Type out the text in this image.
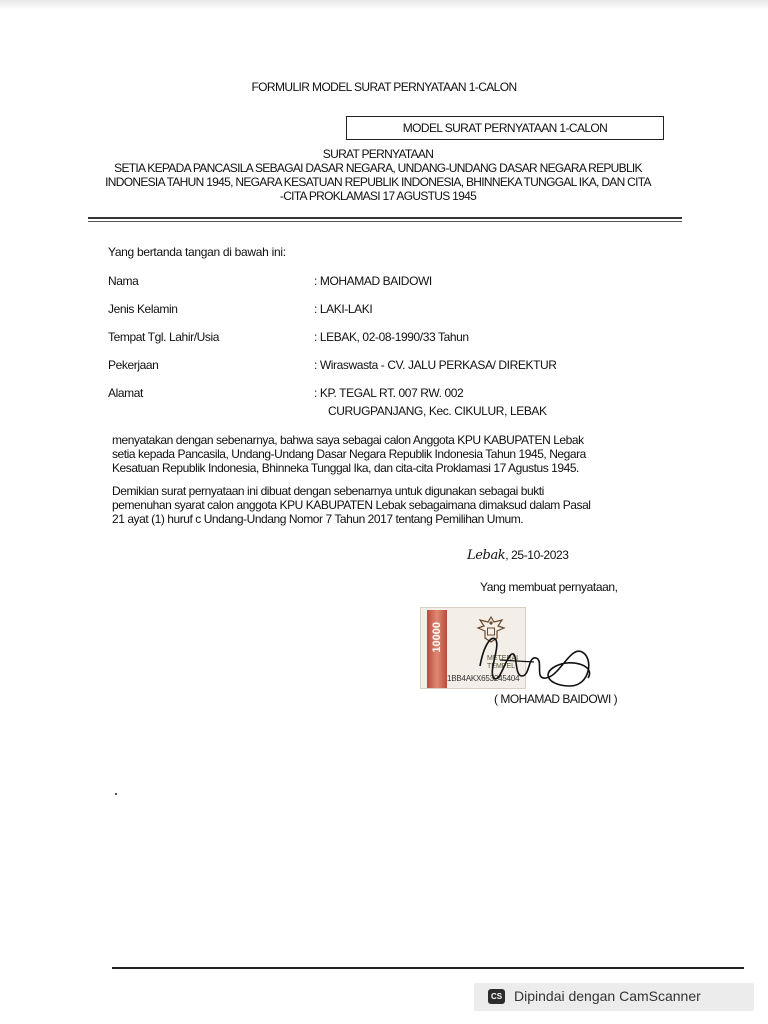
FORMULIR MODEL SURAT PERNYATAAN 1-CALON
MODEL SURAT PERNYATAAN 1-CALON
SURAT PERNYATAAN
SETIA KEPADA PANCASILA SEBAGAI DASAR NEGARA, UNDANG-UNDANG DASAR NEGARA REPUBLIK
INDONESIA TAHUN 1945, NEGARA KESATUAN REPUBLIK INDONESIA, BHINNEKA TUNGGAL IKA, DAN CITA
-CITA PROKLAMASI 17 AGUSTUS 1945
Yang bertanda tangan di bawah ini:
Nama	: MOHAMAD BAIDOWI
Jenis Kelamin	: LAKI-LAKI
Tempat Tgl. Lahir/Usia	: LEBAK, 02-08-1990/33 Tahun
Pekerjaan	: Wiraswasta - CV. JALU PERKASA/ DIREKTUR
Alamat	: KP. TEGAL RT. 007 RW. 002
CURUGPANJANG, Kec. CIKULUR, LEBAK
menyatakan dengan sebenarnya, bahwa saya sebagai calon Anggota KPU KABUPATEN Lebak
setia kepada Pancasila, Undang-Undang Dasar Negara Republik Indonesia Tahun 1945, Negara
Kesatuan Republik Indonesia, Bhinneka Tunggal Ika, dan cita-cita Proklamasi 17 Agustus 1945.
Demikian surat pernyataan ini dibuat dengan sebenarnya untuk digunakan sebagai bukti
pemenuhan syarat calon anggota KPU KABUPATEN Lebak sebagaimana dimaksud dalam Pasal
21 ayat (1) huruf c Undang-Undang Nomor 7 Tahun 2017 tentang Pemilihan Umum.
Lebak, 25-10-2023
Yang membuat pernyataan,
10000
METERAI
TEMPEL
1BB4AKX653245404
( MOHAMAD BAIDOWI )
CS Dipindai dengan CamScanner
